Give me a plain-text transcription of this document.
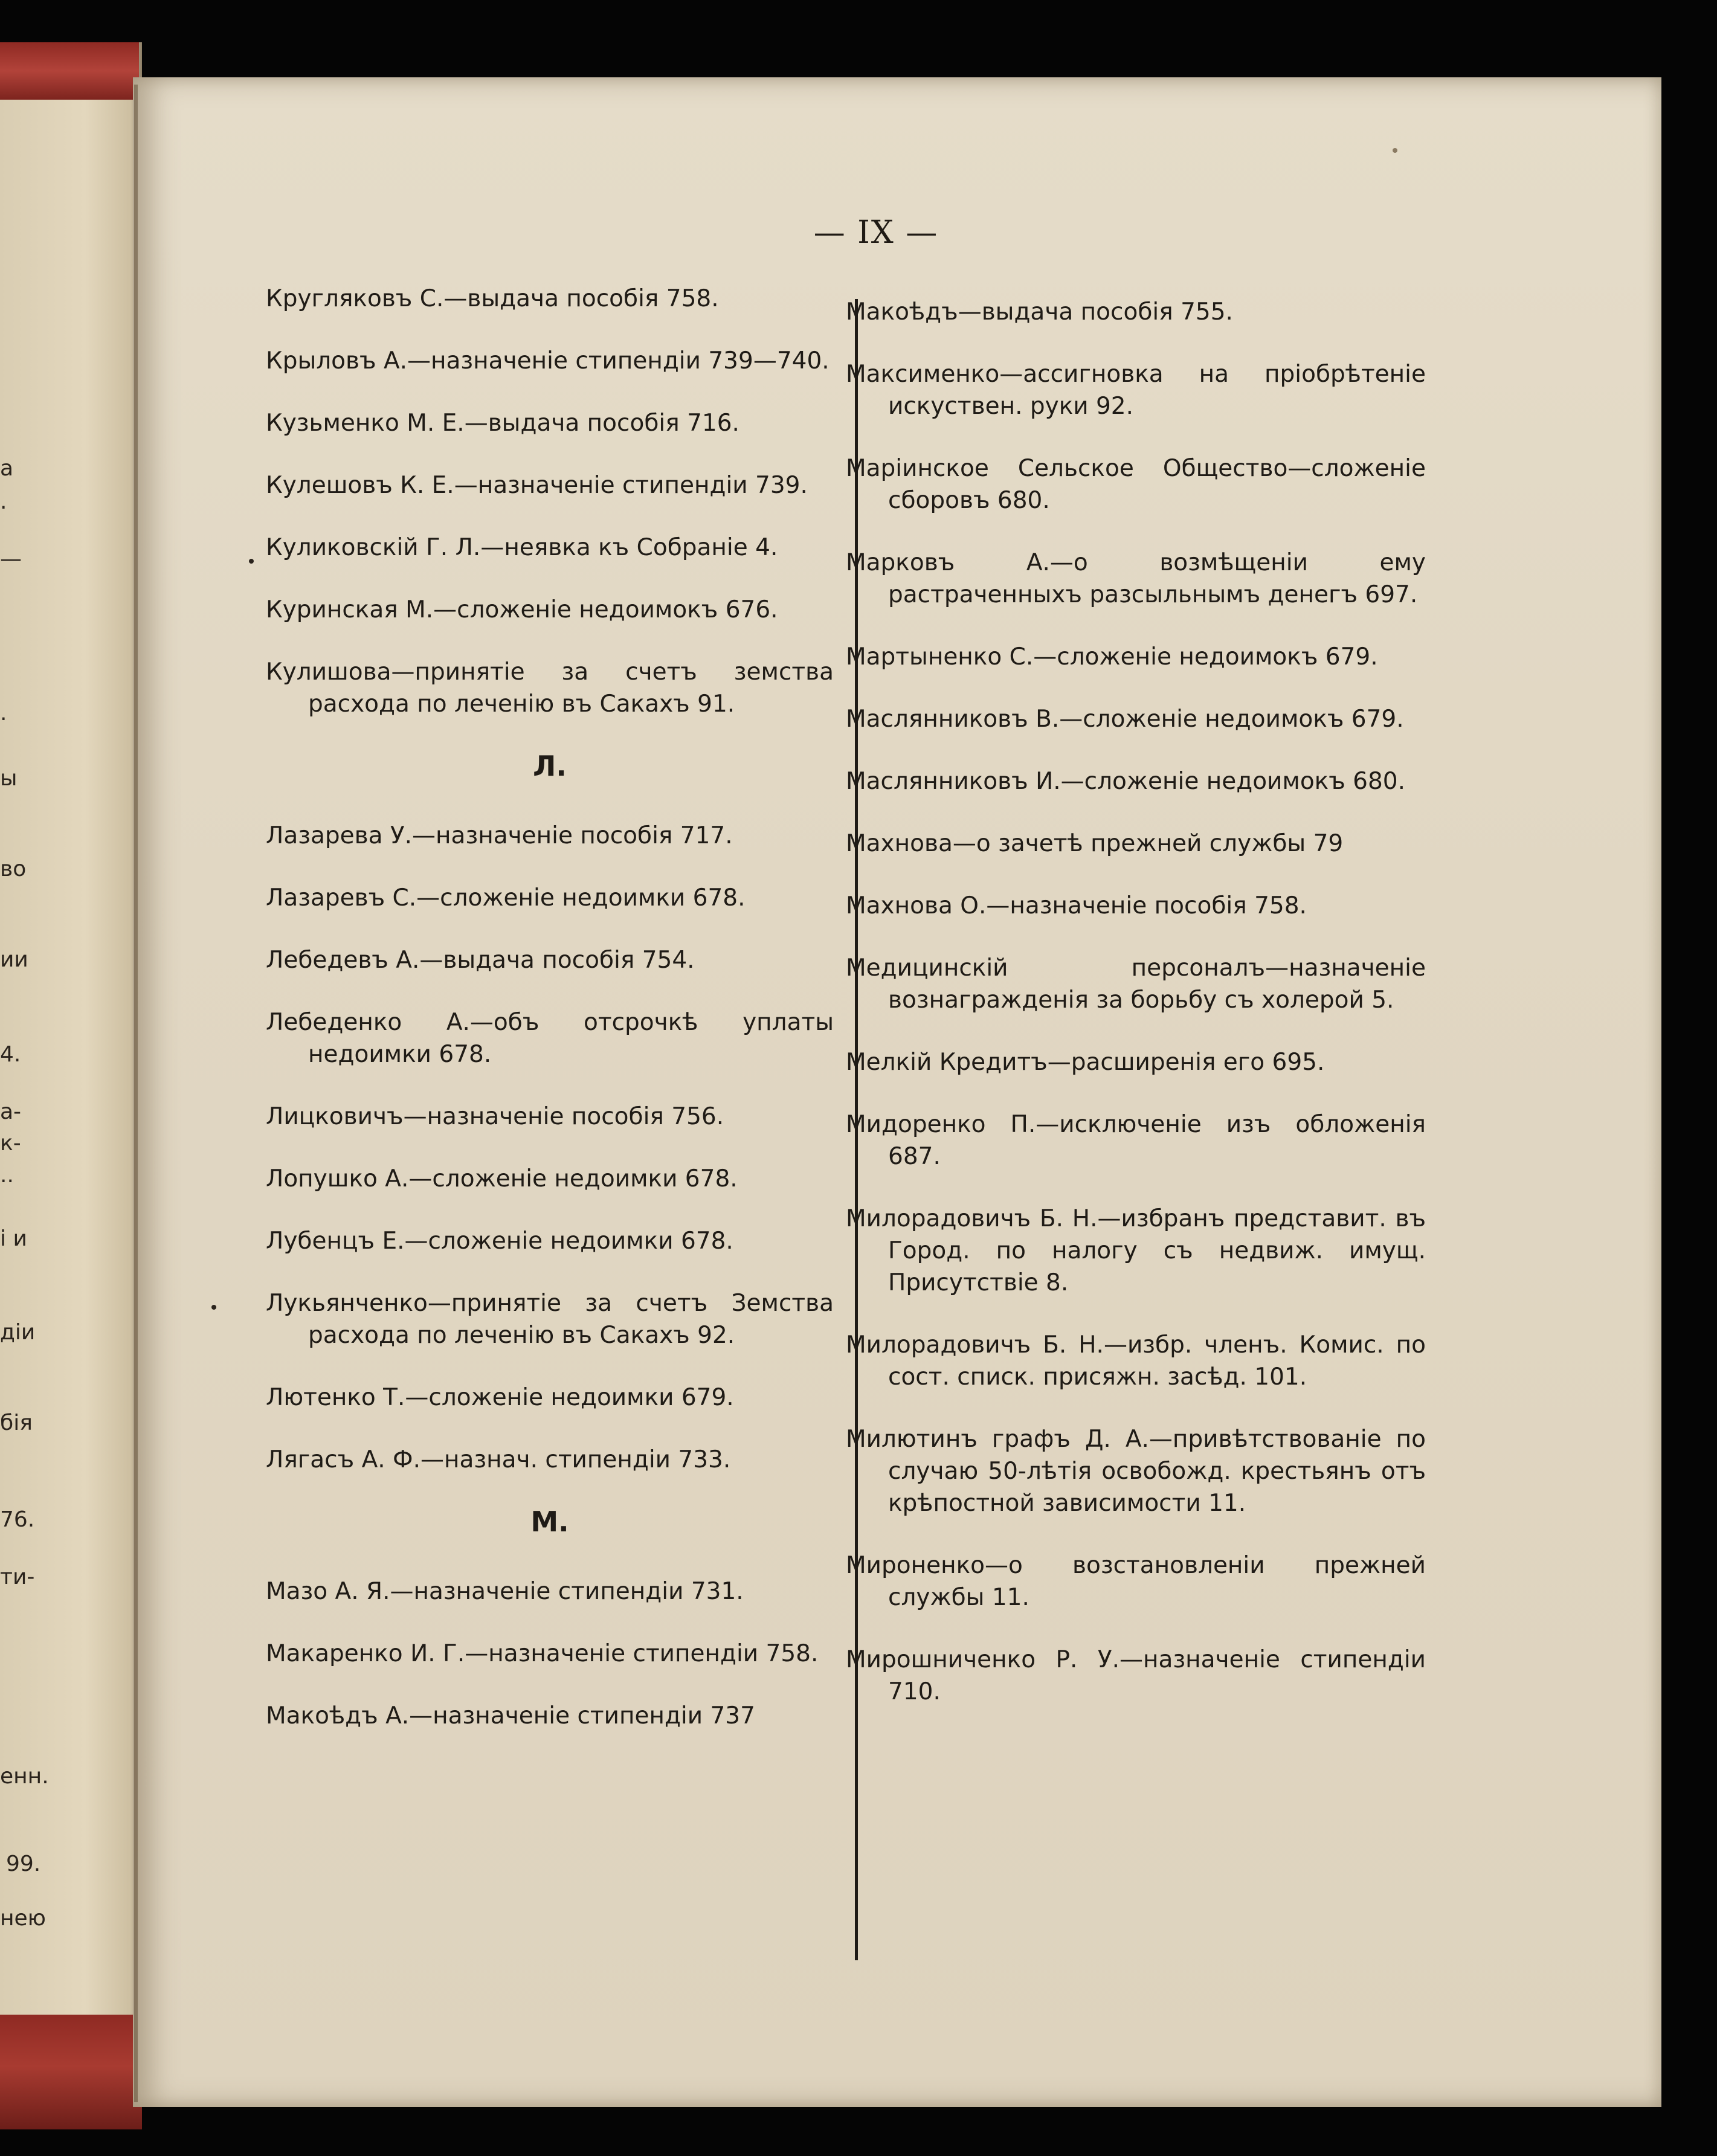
а
.
—
.
ы
во
ии
4.
а-
к-
..
і и
дiи
бія
76.
ти-
енн.
99.
нею
— IX —

Кругляковъ С.—выдача пособія 758.

Крыловъ А.—назначеніе стипендіи 739—740.

Кузьменко М. Е.—выдача пособія 716.

Кулешовъ К. Е.—назначеніе стипендіи 739.

Куликовскій Г. Л.—неявка къ Собраніе 4.

Куринская М.—сложеніе недоимокъ 676.

Кулишова—принятіе за счетъ земства расхода по леченію въ Сакахъ 91.

Л.

Лазарева У.—назначеніе пособія 717.

Лазаревъ С.—сложеніе недоимки 678.

Лебедевъ А.—выдача пособія 754.

Лебеденко А.—объ отсрочкѣ уплаты недоимки 678.

Лицковичъ—назначеніе пособія 756.

Лопушко А.—сложеніе недоимки 678.

Лубенцъ Е.—сложеніе недоимки 678.

Лукьянченко—принятіе за счетъ Земства расхода по леченію въ Сакахъ 92.

Лютенко Т.—сложеніе недоимки 679.

Лягасъ А. Ф.—назнач. стипендіи 733.

М.

Мазо А. Я.—назначеніе стипендіи 731.

Макаренко И. Г.—назначеніе стипендіи 758.

Макоѣдъ А.—назначеніе стипендіи 737

Макоѣдъ—выдача пособія 755.

Максименко—ассигновка на пріобрѣтеніе искуствен. руки 92.

Маріинское Сельское Общество—сложеніе сборовъ 680.

Марковъ А.—о возмѣщеніи ему растраченныхъ разсыльнымъ денегъ 697.

Мартыненко С.—сложеніе недоимокъ 679.

Маслянниковъ В.—сложеніе недоимокъ 679.

Маслянниковъ И.—сложеніе недоимокъ 680.

Махнова—о зачетѣ прежней службы 79

Махнова О.—назначеніе пособія 758.

Медицинскій персоналъ—назначеніе вознагражденія за борьбу съ холерой 5.

Мелкій Кредитъ—расширенія его 695.

Мидоренко П.—исключеніе изъ обложенія 687.

Милорадовичъ Б. Н.—избранъ представит. въ Город. по налогу съ недвиж. имущ. Присутствіе 8.

Милорадовичъ Б. Н.—избр. членъ. Комис. по сост. списк. присяжн. засѣд. 101.

Милютинъ графъ Д. А.—привѣтствованіе по случаю 50-лѣтія освобожд. крестьянъ отъ крѣпостной зависимости 11.

Мироненко—о возстановленіи прежней службы 11.

Мирошниченко Р. У.—назначеніе стипендіи 710.
